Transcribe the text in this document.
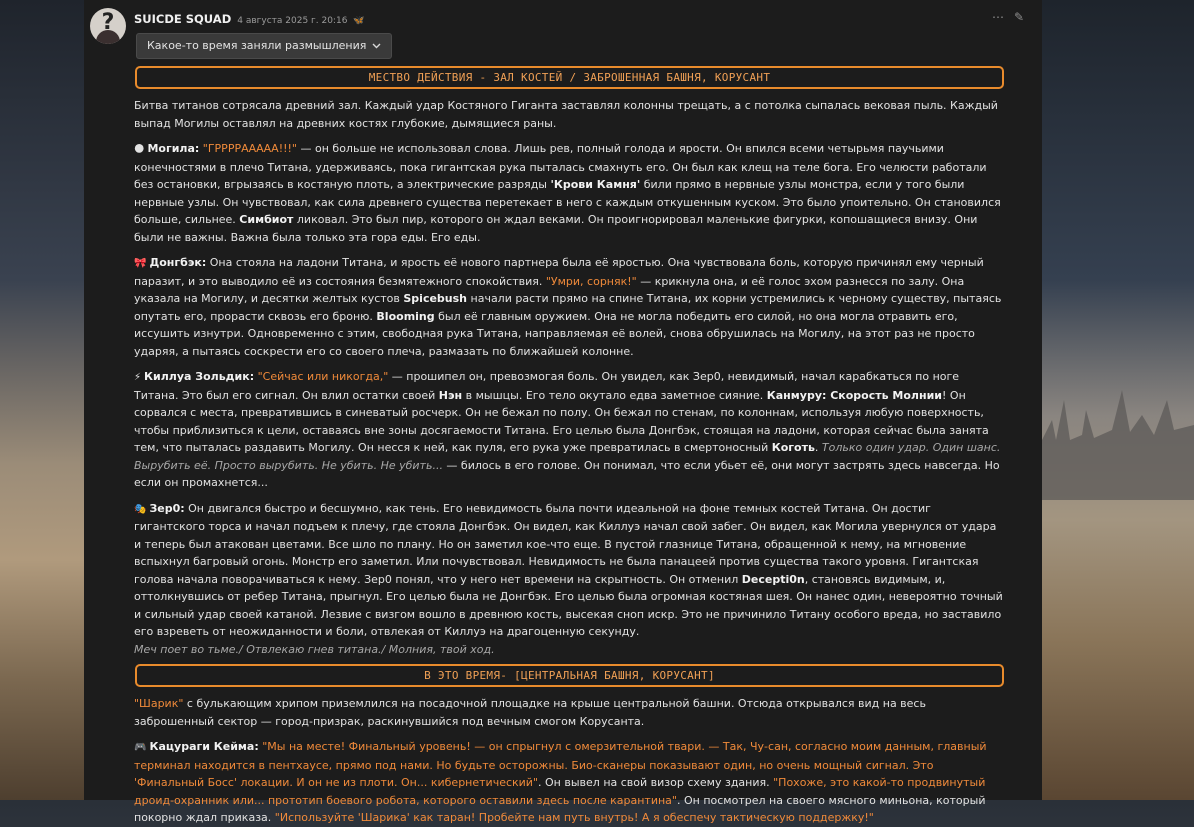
?	SUICDE SQUAD 4 августа 2025 г. 20:16 🦋	⋯ ✎
Какое-то время заняли размышления
МЕСТВО ДЕЙСТВИЯ - ЗАЛ КОСТЕЙ / ЗАБРОШЕННАЯ БАШНЯ, КОРУСАНТ

Битва титанов сотрясала древний зал. Каждый удар Костяного Гиганта заставлял колонны трещать, а с потолка сыпалась вековая пыль. Каждый выпад Могилы оставлял на древних костях глубокие, дымящиеся раны.

🌑 Могила: "ГРРРРААААА!!!" — он больше не использовал слова. Лишь рев, полный голода и ярости. Он впился всеми четырьмя паучьими конечностями в плечо Титана, удерживаясь, пока гигантская рука пыталась смахнуть его. Он был как клещ на теле бога. Его челюсти работали без остановки, вгрызаясь в костяную плоть, а электрические разряды 'Крови Камня' били прямо в нервные узлы монстра, если у того были нервные узлы. Он чувствовал, как сила древнего существа перетекает в него с каждым откушенным куском. Это было упоительно. Он становился больше, сильнее. Симбиот ликовал. Это был пир, которого он ждал веками. Он проигнорировал маленькие фигурки, копошащиеся внизу. Они были не важны. Важна была только эта гора еды. Его еды.

🎀 Донгбэк: Она стояла на ладони Титана, и ярость её нового партнера была её яростью. Она чувствовала боль, которую причинял ему черный паразит, и это выводило её из состояния безмятежного спокойствия. "Умри, сорняк!" — крикнула она, и её голос эхом разнесся по залу. Она указала на Могилу, и десятки желтых кустов Spicebush начали расти прямо на спине Титана, их корни устремились к черному существу, пытаясь опутать его, прорасти сквозь его броню. Blooming был её главным оружием. Она не могла победить его силой, но она могла отравить его, иссушить изнутри. Одновременно с этим, свободная рука Титана, направляемая её волей, снова обрушилась на Могилу, на этот раз не просто ударяя, а пытаясь соскрести его со своего плеча, размазать по ближайшей колонне.

⚡ Киллуа Зольдик: "Сейчас или никогда," — прошипел он, превозмогая боль. Он увидел, как Зер0, невидимый, начал карабкаться по ноге Титана. Это был его сигнал. Он влил остатки своей Нэн в мышцы. Его тело окутало едва заметное сияние. Канмуру: Скорость Молнии! Он сорвался с места, превратившись в синеватый росчерк. Он не бежал по полу. Он бежал по стенам, по колоннам, используя любую поверхность, чтобы приблизиться к цели, оставаясь вне зоны досягаемости Титана. Его целью была Донгбэк, стоящая на ладони, которая сейчас была занята тем, что пыталась раздавить Могилу. Он несся к ней, как пуля, его рука уже превратилась в смертоносный Коготь. Только один удар. Один шанс. Вырубить её. Просто вырубить. Не убить. Не убить... — билось в его голове. Он понимал, что если убьет её, они могут застрять здесь навсегда. Но если он промахнется...

🎭 Зер0: Он двигался быстро и бесшумно, как тень. Его невидимость была почти идеальной на фоне темных костей Титана. Он достиг гигантского торса и начал подъем к плечу, где стояла Донгбэк. Он видел, как Киллуэ начал свой забег. Он видел, как Могила увернулся от удара и теперь был атакован цветами. Все шло по плану. Но он заметил кое-что еще. В пустой глазнице Титана, обращенной к нему, на мгновение вспыхнул багровый огонь. Монстр его заметил. Или почувствовал. Невидимость не была панацеей против существа такого уровня. Гигантская голова начала поворачиваться к нему. Зер0 понял, что у него нет времени на скрытность. Он отменил Decepti0n, становясь видимым, и, оттолкнувшись от ребер Титана, прыгнул. Его целью была не Донгбэк. Его целью была огромная костяная шея. Он нанес один, невероятно точный и сильный удар своей катаной. Лезвие с визгом вошло в древнюю кость, высекая сноп искр. Это не причинило Титану особого вреда, но заставило его взреветь от неожиданности и боли, отвлекая от Киллуэ на драгоценную секунду.

Меч поет во тьме./ Отвлекаю гнев титана./ Молния, твой ход.

В ЭТО ВРЕМЯ- [ЦЕНТРАЛЬНАЯ БАШНЯ, КОРУСАНТ]

"Шарик" с булькающим хрипом приземлился на посадочной площадке на крыше центральной башни. Отсюда открывался вид на весь заброшенный сектор — город-призрак, раскинувшийся под вечным смогом Корусанта.

🎮 Кацураги Кейма: "Мы на месте! Финальный уровень! — он спрыгнул с омерзительной твари. — Так, Чу-сан, согласно моим данным, главный терминал находится в пентхаусе, прямо под нами. Но будьте осторожны. Био-сканеры показывают один, но очень мощный сигнал. Это 'Финальный Босс' локации. И он не из плоти. Он... кибернетический". Он вывел на свой визор схему здания. "Похоже, это какой-то продвинутый дроид-охранник или... прототип боевого робота, которого оставили здесь после карантина". Он посмотрел на своего мясного миньона, который покорно ждал приказа. "Используйте 'Шарика' как таран! Пробейте нам путь внутрь! А я обеспечу тактическую поддержку!"
